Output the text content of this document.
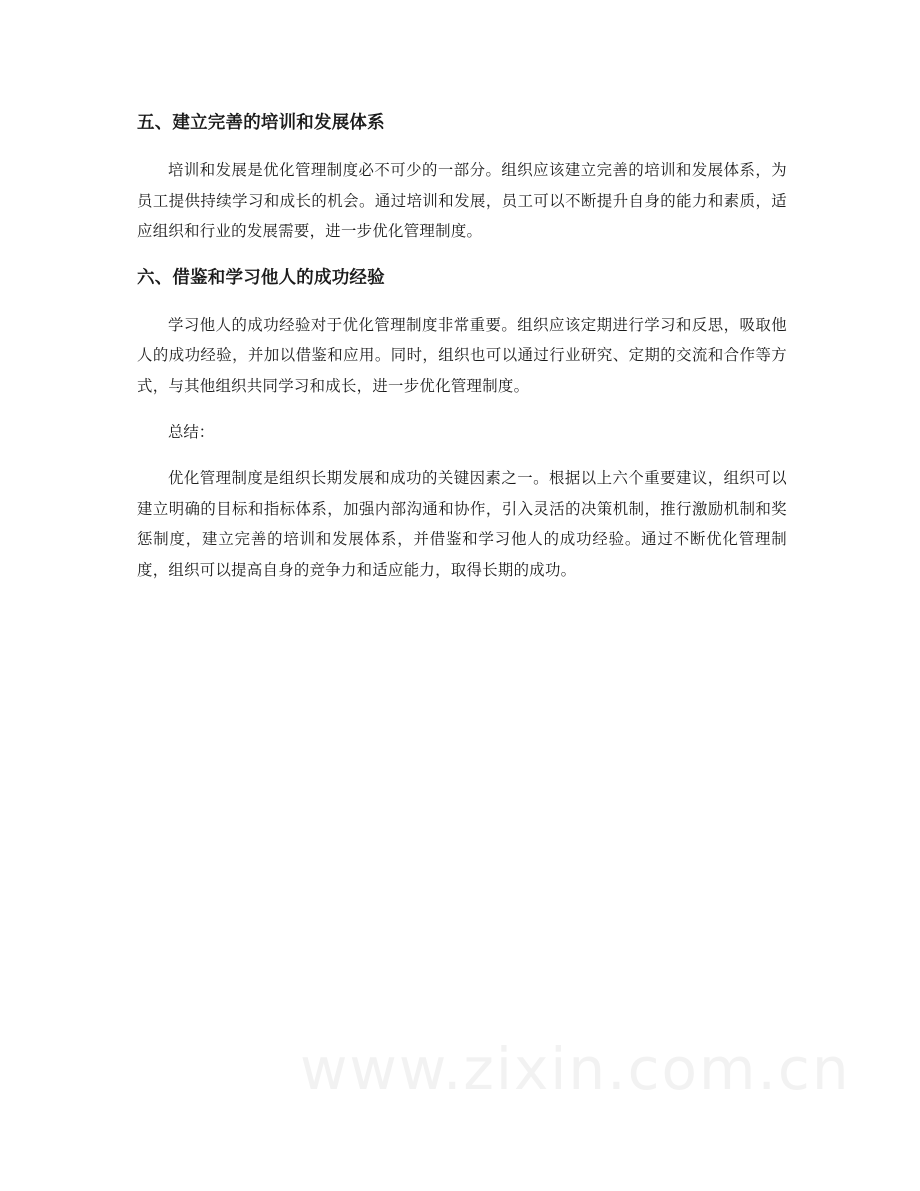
五、建立完善的培训和发展体系

培训和发展是优化管理制度必不可少的一部分。组织应该建立完善的培训和发展体系，为员工提供持续学习和成长的机会。通过培训和发展，员工可以不断提升自身的能力和素质，适应组织和行业的发展需要，进一步优化管理制度。

六、借鉴和学习他人的成功经验

学习他人的成功经验对于优化管理制度非常重要。组织应该定期进行学习和反思，吸取他人的成功经验，并加以借鉴和应用。同时，组织也可以通过行业研究、定期的交流和合作等方式，与其他组织共同学习和成长，进一步优化管理制度。

总结：

优化管理制度是组织长期发展和成功的关键因素之一。根据以上六个重要建议，组织可以建立明确的目标和指标体系，加强内部沟通和协作，引入灵活的决策机制，推行激励机制和奖惩制度，建立完善的培训和发展体系，并借鉴和学习他人的成功经验。通过不断优化管理制度，组织可以提高自身的竞争力和适应能力，取得长期的成功。

www.zixin.com.cn
